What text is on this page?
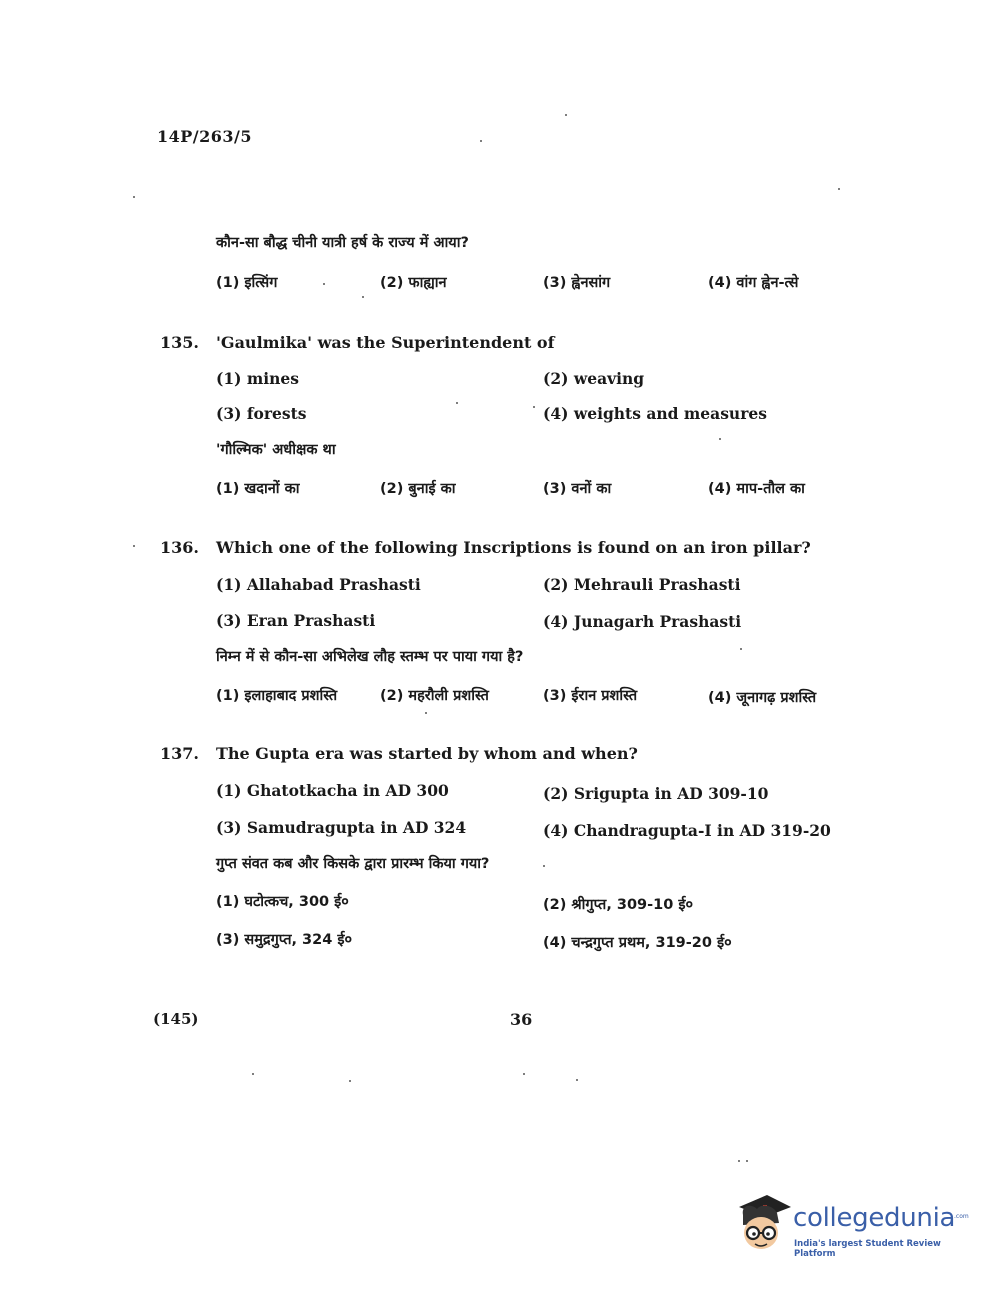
14P/263/5
कौन-सा बौद्ध चीनी यात्री हर्ष के राज्य में आया?
(1) इत्सिंग	(2) फाह्यान	(3) ह्वेनसांग	(4) वांग ह्वेन-त्से
135. 'Gaulmika' was the Superintendent of
(1) mines	(2) weaving
(3) forests	(4) weights and measures
'गौल्मिक' अधीक्षक था
(1) खदानों का	(2) बुनाई का	(3) वनों का	(4) माप-तौल का
136. Which one of the following Inscriptions is found on an iron pillar?
(1) Allahabad Prashasti	(2) Mehrauli Prashasti
(3) Eran Prashasti	(4) Junagarh Prashasti
निम्न में से कौन-सा अभिलेख लौह स्तम्भ पर पाया गया है?
(1) इलाहाबाद प्रशस्ति	(2) महरौली प्रशस्ति	(3) ईरान प्रशस्ति	(4) जूनागढ़ प्रशस्ति
137. The Gupta era was started by whom and when?
(1) Ghatotkacha in AD 300	(2) Srigupta in AD 309-10
(3) Samudragupta in AD 324	(4) Chandragupta-I in AD 319-20
गुप्त संवत कब और किसके द्वारा प्रारम्भ किया गया?
(1) घटोत्कच, 300 ई०	(2) श्रीगुप्त, 309-10 ई०
(3) समुद्रगुप्त, 324 ई०	(4) चन्द्रगुप्त प्रथम, 319-20 ई०
(145)	36
collegedunia
.com
India's largest Student Review Platform
